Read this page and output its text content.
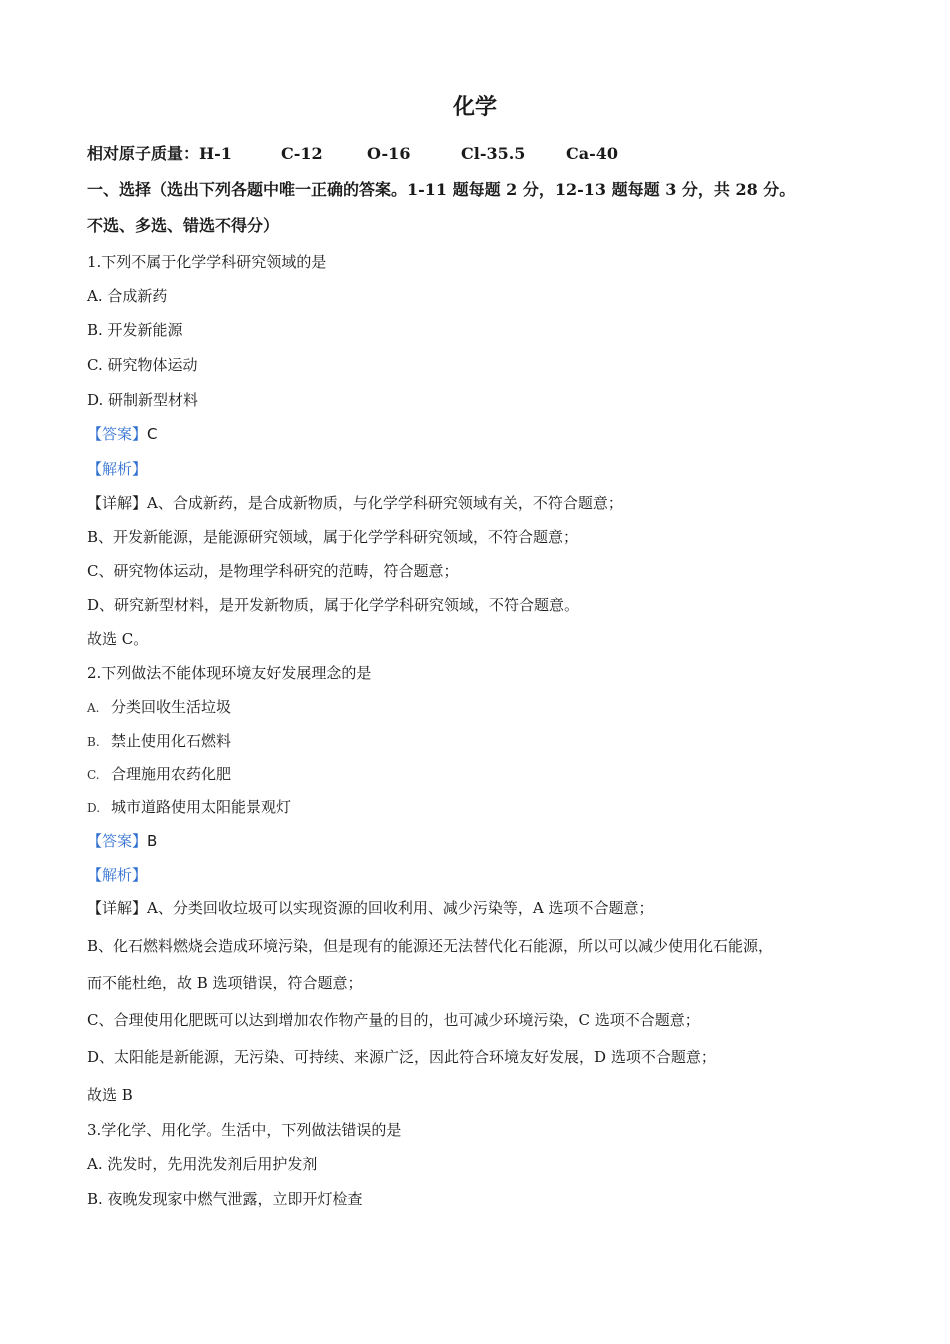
化学
相对原子质量：H-1	C-12	O-16	Cl-35.5	Ca-40
一、选择（选出下列各题中唯一正确的答案。1-11 题每题 2 分，12-13 题每题 3 分，共 28 分。
不选、多选、错选不得分）
1.下列不属于化学学科研究领域的是
A. 合成新药
B. 开发新能源
C. 研究物体运动
D. 研制新型材料
【答案】C
【解析】
【详解】A、合成新药，是合成新物质，与化学学科研究领域有关，不符合题意；
B、开发新能源，是能源研究领域，属于化学学科研究领域，不符合题意；
C、研究物体运动，是物理学科研究的范畴，符合题意；
D、研究新型材料，是开发新物质，属于化学学科研究领域，不符合题意。
故选 C。
2.下列做法不能体现环境友好发展理念的是
A. 分类回收生活垃圾
B. 禁止使用化石燃料
C. 合理施用农药化肥
D. 城市道路使用太阳能景观灯
【答案】B
【解析】
【详解】A、分类回收垃圾可以实现资源的回收利用、减少污染等，A 选项不合题意；
B、化石燃料燃烧会造成环境污染，但是现有的能源还无法替代化石能源，所以可以减少使用化石能源，
而不能杜绝，故 B 选项错误，符合题意；
C、合理使用化肥既可以达到增加农作物产量的目的，也可减少环境污染，C 选项不合题意；
D、太阳能是新能源，无污染、可持续、来源广泛，因此符合环境友好发展，D 选项不合题意；
故选 B
3.学化学、用化学。生活中，下列做法错误的是
A. 洗发时，先用洗发剂后用护发剂
B. 夜晚发现家中燃气泄露，立即开灯检查
